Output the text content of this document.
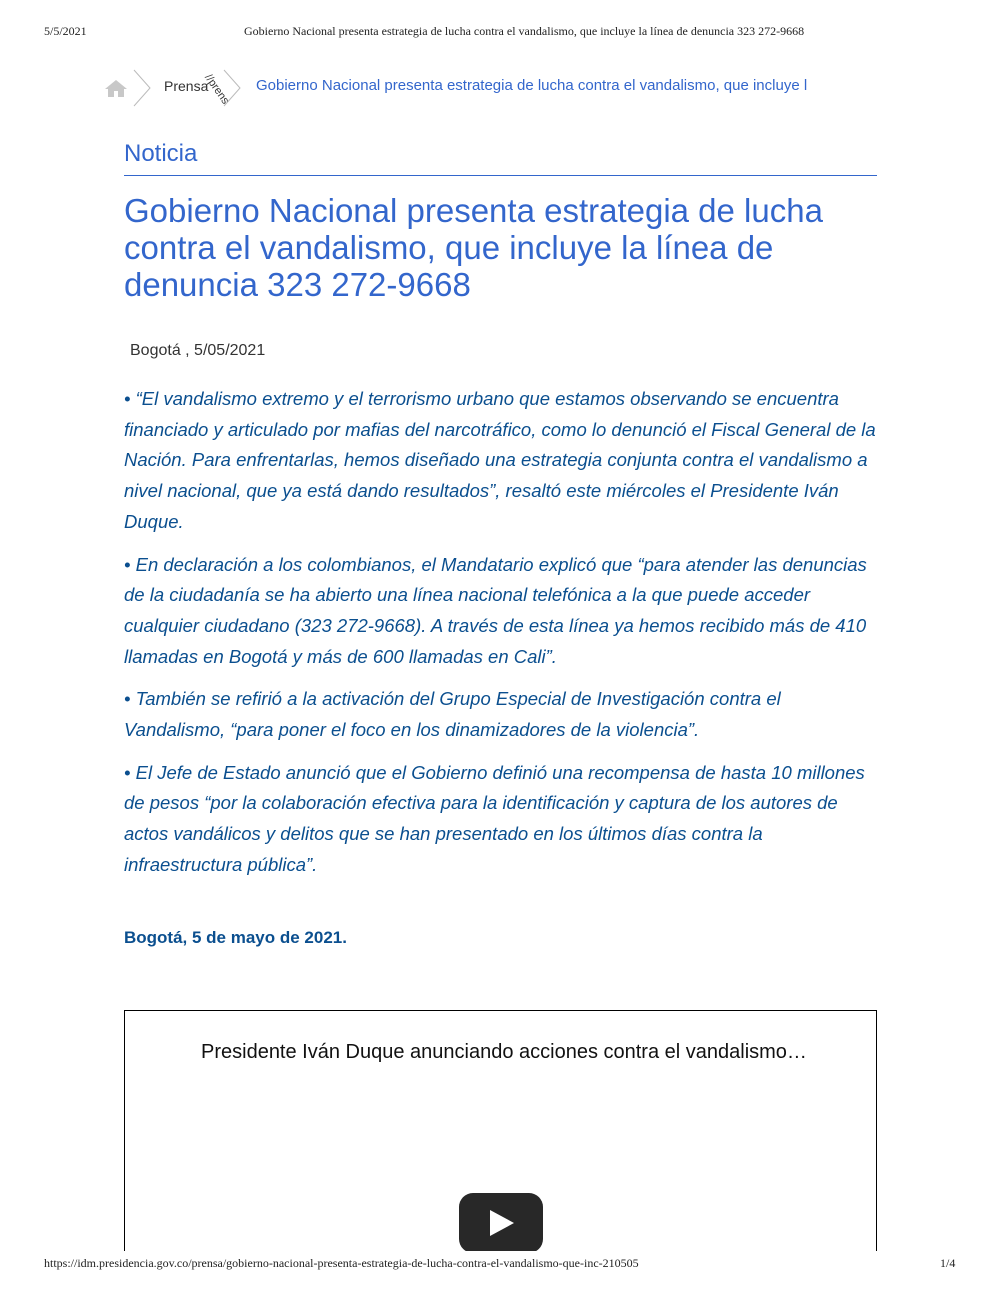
5/5/2021	Gobierno Nacional presenta estrategia de lucha contra el vandalismo, que incluye la línea de denuncia 323 272-9668
Prensa
//prens Gobierno Nacional presenta estrategia de lucha contra el vandalismo, que incluye l
Noticia
Gobierno Nacional presenta estrategia de lucha contra el vandalismo, que incluye la línea de denuncia 323 272-9668
Bogotá , 5/05/2021

• “El vandalismo extremo y el terrorismo urbano que estamos observando se encuentra financiado y articulado por mafias del narcotráfico, como lo denunció el Fiscal General de la Nación. Para enfrentarlas, hemos diseñado una estrategia conjunta contra el vandalismo a nivel nacional, que ya está dando resultados”, resaltó este miércoles el Presidente Iván Duque.

• En declaración a los colombianos, el Mandatario explicó que “para atender las denuncias de la ciudadanía se ha abierto una línea nacional telefónica a la que puede acceder cualquier ciudadano (323 272-9668). A través de esta línea ya hemos recibido más de 410 llamadas en Bogotá y más de 600 llamadas en Cali”.

• También se refirió a la activación del Grupo Especial de Investigación contra el Vandalismo, “para poner el foco en los dinamizadores de la violencia”.

• El Jefe de Estado anunció que el Gobierno definió una recompensa de hasta 10 millones de pesos “por la colaboración efectiva para la identificación y captura de los autores de actos vandálicos y delitos que se han presentado en los últimos días contra la infraestructura pública”.

Bogotá, 5 de mayo de 2021.
Presidente Iván Duque anunciando acciones contra el vandalismo…
https://idm.presidencia.gov.co/prensa/gobierno-nacional-presenta-estrategia-de-lucha-contra-el-vandalismo-que-inc-210505	1/4
